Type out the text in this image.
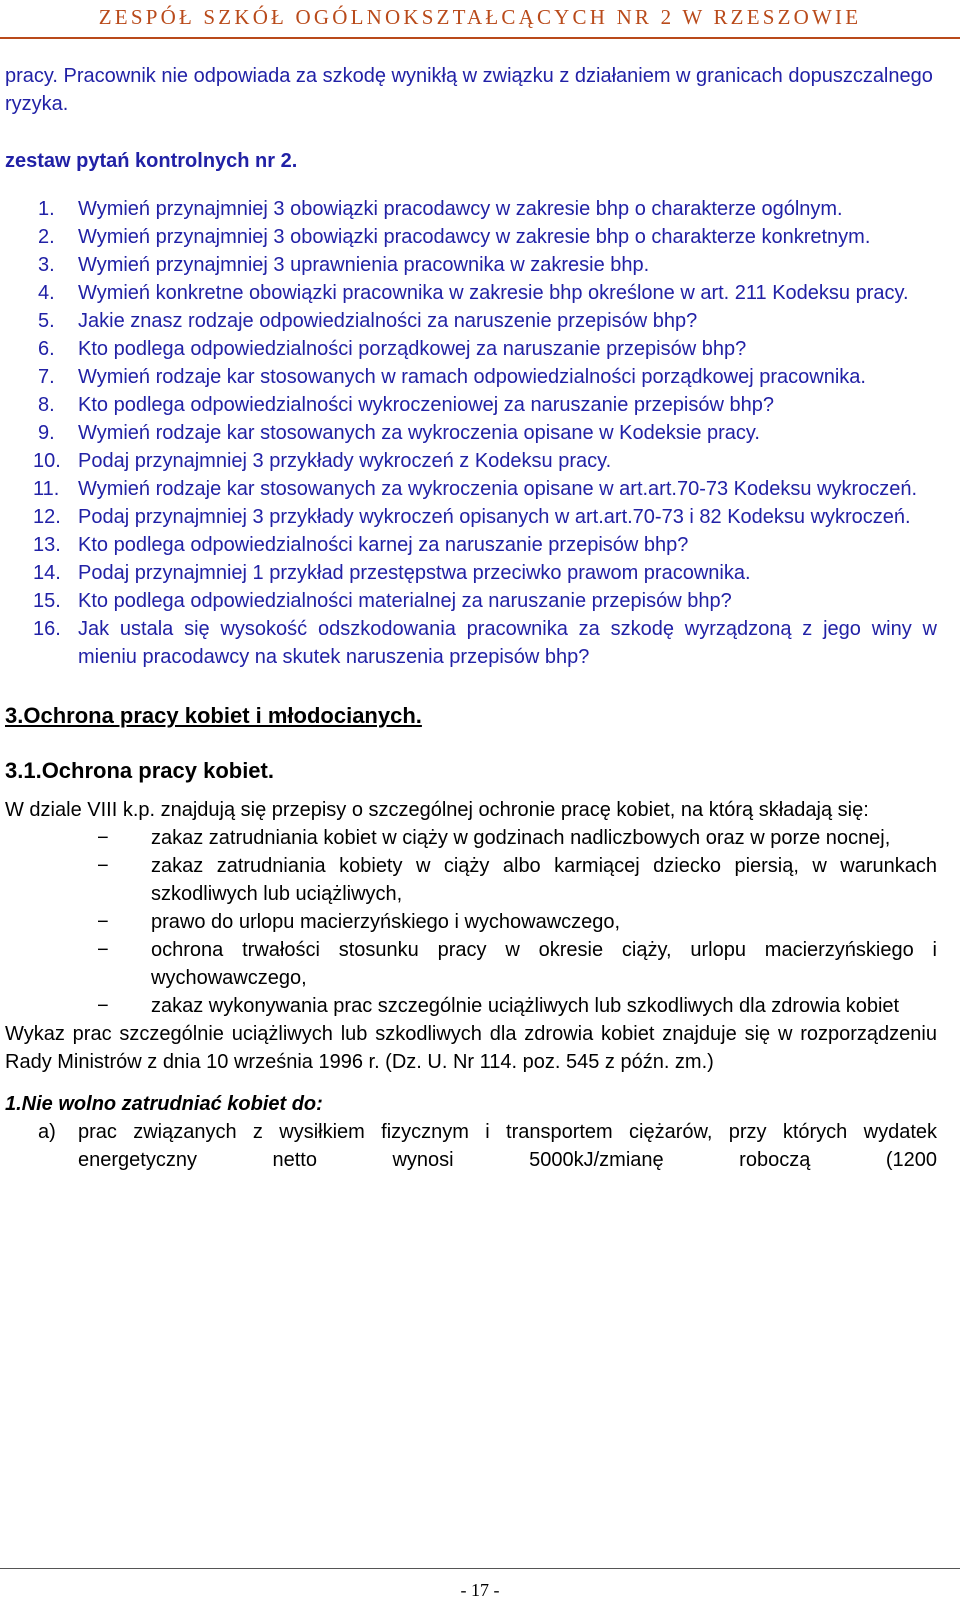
ZESPÓŁ SZKÓŁ OGÓLNOKSZTAŁCĄCYCH NR 2 W RZESZOWIE

pracy. Pracownik nie odpowiada za szkodę wynikłą w związku z działaniem w granicach dopuszczalnego ryzyka.

zestaw pytań kontrolnych nr 2.

1. Wymień przynajmniej 3 obowiązki pracodawcy w zakresie bhp o charakterze ogólnym.
2. Wymień przynajmniej 3 obowiązki pracodawcy w zakresie bhp o charakterze konkretnym.
3. Wymień przynajmniej 3 uprawnienia pracownika w zakresie bhp.
4. Wymień konkretne obowiązki pracownika w zakresie bhp określone w art. 211 Kodeksu pracy.
5. Jakie znasz rodzaje odpowiedzialności za naruszenie przepisów bhp?
6. Kto podlega odpowiedzialności porządkowej za naruszanie przepisów bhp?
7. Wymień rodzaje kar stosowanych w ramach odpowiedzialności porządkowej pracownika.
8. Kto podlega odpowiedzialności wykroczeniowej za naruszanie przepisów bhp?
9. Wymień rodzaje kar stosowanych za wykroczenia opisane w Kodeksie pracy.
10. Podaj przynajmniej 3 przykłady wykroczeń z Kodeksu pracy.
11. Wymień rodzaje kar stosowanych za wykroczenia opisane w art.art.70-73 Kodeksu wykroczeń.
12. Podaj przynajmniej 3 przykłady wykroczeń opisanych w art.art.70-73 i 82 Kodeksu wykroczeń.
13. Kto podlega odpowiedzialności karnej za naruszanie przepisów bhp?
14. Podaj przynajmniej 1 przykład przestępstwa przeciwko prawom pracownika.
15. Kto podlega odpowiedzialności materialnej za naruszanie przepisów bhp?
16. Jak ustala się wysokość odszkodowania pracownika za szkodę wyrządzoną z jego winy w mieniu pracodawcy na skutek naruszenia przepisów bhp?

3.Ochrona pracy kobiet i młodocianych.

3.1.Ochrona pracy kobiet.

W dziale VIII k.p. znajdują się przepisy o szczególnej ochronie pracę kobiet, na którą składają się:

− zakaz zatrudniania kobiet w ciąży w godzinach nadliczbowych oraz w porze nocnej,
− zakaz zatrudniania kobiety w ciąży albo karmiącej dziecko piersią, w warunkach szkodliwych lub uciążliwych,
− prawo do urlopu macierzyńskiego i wychowawczego,
− ochrona trwałości stosunku pracy w okresie ciąży, urlopu macierzyńskiego i wychowawczego,
− zakaz wykonywania prac szczególnie uciążliwych lub szkodliwych dla zdrowia kobiet

Wykaz prac szczególnie uciążliwych lub szkodliwych dla zdrowia kobiet znajduje się w rozporządzeniu Rady Ministrów z dnia 10 września 1996 r. (Dz. U. Nr 114. poz. 545 z późn. zm.)

1.Nie wolno zatrudniać kobiet do:

a) prac związanych z wysiłkiem fizycznym i transportem ciężarów, przy których wydatek energetyczny netto wynosi 5000kJ/zmianę roboczą (1200
- 17 -
